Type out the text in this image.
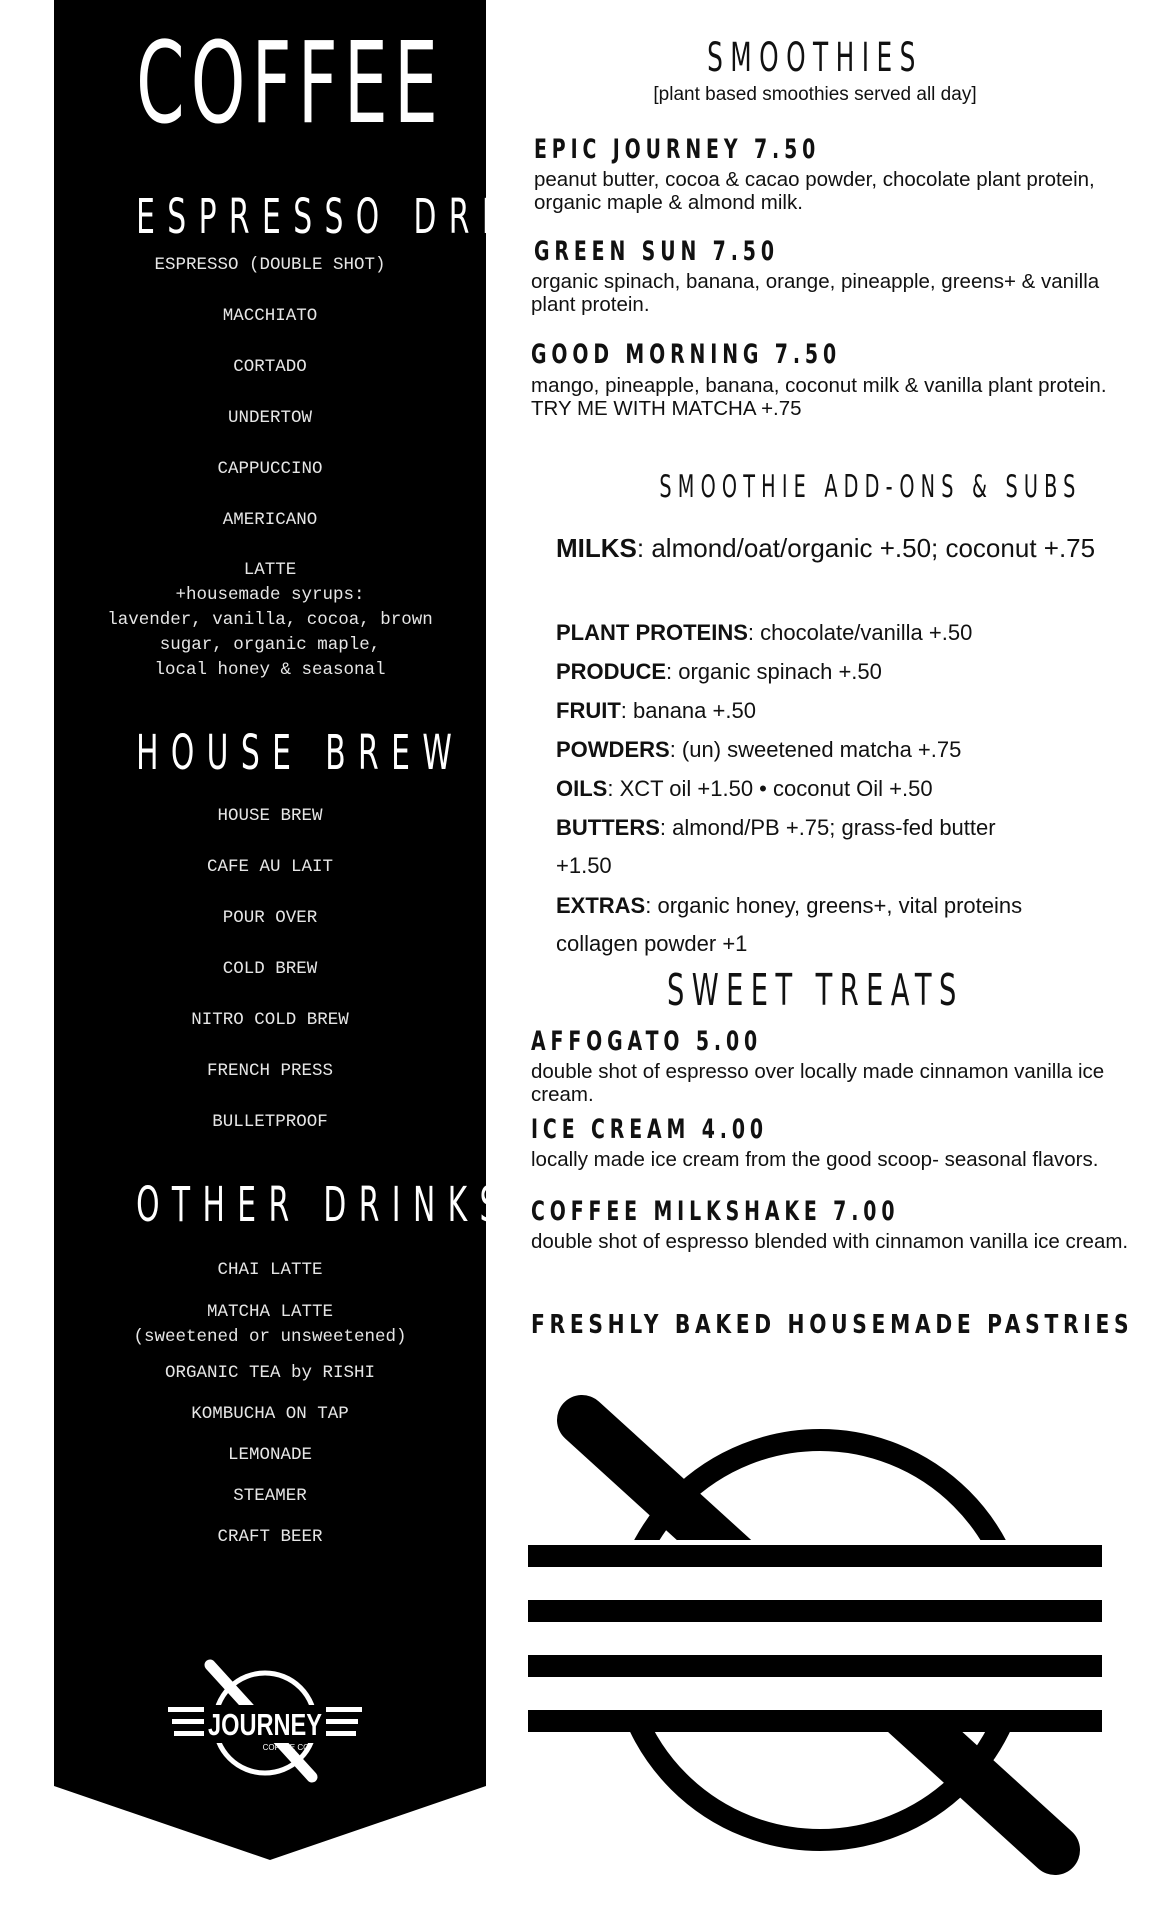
COFFEE
ESPRESSO DRINKS
ESPRESSO (DOUBLE SHOT)
MACCHIATO
CORTADO
UNDERTOW
CAPPUCCINO
AMERICANO
LATTE
+housemade syrups:
lavender, vanilla, cocoa, brown
sugar, organic maple,
local honey & seasonal
HOUSE BREW
HOUSE BREW
CAFE AU LAIT
POUR OVER
COLD BREW
NITRO COLD BREW
FRENCH PRESS
BULLETPROOF
OTHER DRINKS
CHAI LATTE
MATCHA LATTE
(sweetened or unsweetened)
ORGANIC TEA by RISHI
KOMBUCHA ON TAP
LEMONADE
STEAMER
CRAFT BEER
JOURNEY
COFFEE CO
SMOOTHIES
[plant based smoothies served all day]
EPIC JOURNEY 7.50
peanut butter, cocoa & cacao powder, chocolate plant protein, organic maple & almond milk.
GREEN SUN 7.50
organic spinach, banana, orange, pineapple, greens+ & vanilla plant protein.
GOOD MORNING 7.50
mango, pineapple, banana, coconut milk & vanilla plant protein. TRY ME WITH MATCHA +.75
SMOOTHIE ADD-ONS & SUBS
MILKS: almond/oat/organic +.50; coconut +.75
PLANT PROTEINS: chocolate/vanilla +.50
PRODUCE: organic spinach +.50
FRUIT: banana +.50
POWDERS: (un) sweetened matcha +.75
OILS: XCT oil +1.50 • coconut Oil +.50
BUTTERS: almond/PB +.75; grass-fed butter +1.50
EXTRAS: organic honey, greens+, vital proteins collagen powder +1
SWEET TREATS
AFFOGATO 5.00
double shot of espresso over locally made cinnamon vanilla ice cream.
ICE CREAM 4.00
locally made ice cream from the good scoop- seasonal flavors.
COFFEE MILKSHAKE 7.00
double shot of espresso blended with cinnamon vanilla ice cream.
FRESHLY BAKED HOUSEMADE PASTRIES
